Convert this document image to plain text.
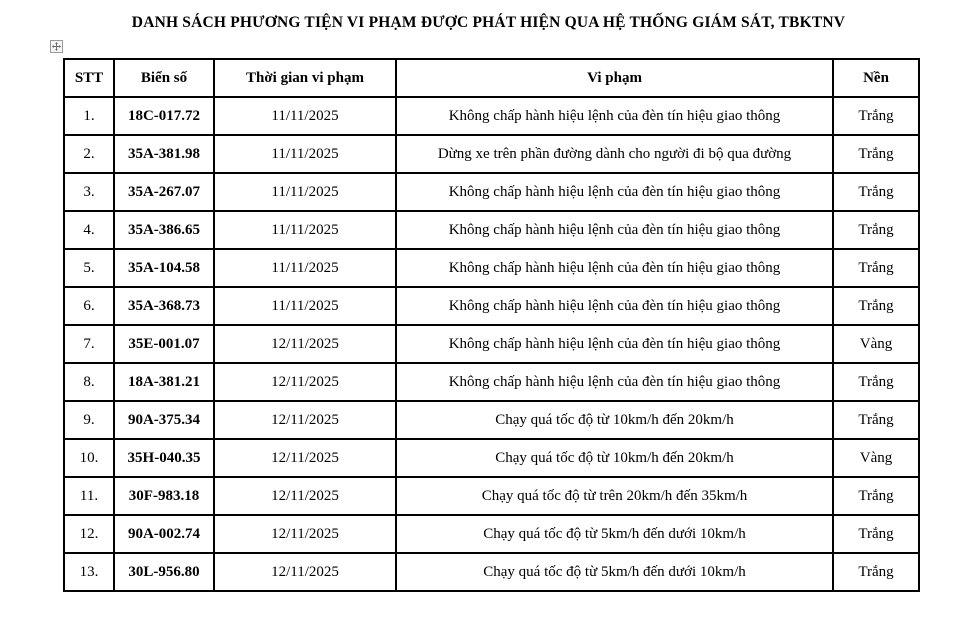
DANH SÁCH PHƯƠNG TIỆN VI PHẠM ĐƯỢC PHÁT HIỆN QUA HỆ THỐNG GIÁM SÁT, TBKTNV
STT	Biển số	Thời gian vi phạm	Vi phạm	Nền
1.	18C-017.72	11/11/2025	Không chấp hành hiệu lệnh của đèn tín hiệu giao thông	Trắng
2.	35A-381.98	11/11/2025	Dừng xe trên phần đường dành cho người đi bộ qua đường	Trắng
3.	35A-267.07	11/11/2025	Không chấp hành hiệu lệnh của đèn tín hiệu giao thông	Trắng
4.	35A-386.65	11/11/2025	Không chấp hành hiệu lệnh của đèn tín hiệu giao thông	Trắng
5.	35A-104.58	11/11/2025	Không chấp hành hiệu lệnh của đèn tín hiệu giao thông	Trắng
6.	35A-368.73	11/11/2025	Không chấp hành hiệu lệnh của đèn tín hiệu giao thông	Trắng
7.	35E-001.07	12/11/2025	Không chấp hành hiệu lệnh của đèn tín hiệu giao thông	Vàng
8.	18A-381.21	12/11/2025	Không chấp hành hiệu lệnh của đèn tín hiệu giao thông	Trắng
9.	90A-375.34	12/11/2025	Chạy quá tốc độ từ 10km/h đến 20km/h	Trắng
10.	35H-040.35	12/11/2025	Chạy quá tốc độ từ 10km/h đến 20km/h	Vàng
11.	30F-983.18	12/11/2025	Chạy quá tốc độ từ trên 20km/h đến 35km/h	Trắng
12.	90A-002.74	12/11/2025	Chạy quá tốc độ từ 5km/h đến dưới 10km/h	Trắng
13.	30L-956.80	12/11/2025	Chạy quá tốc độ từ 5km/h đến dưới 10km/h	Trắng
